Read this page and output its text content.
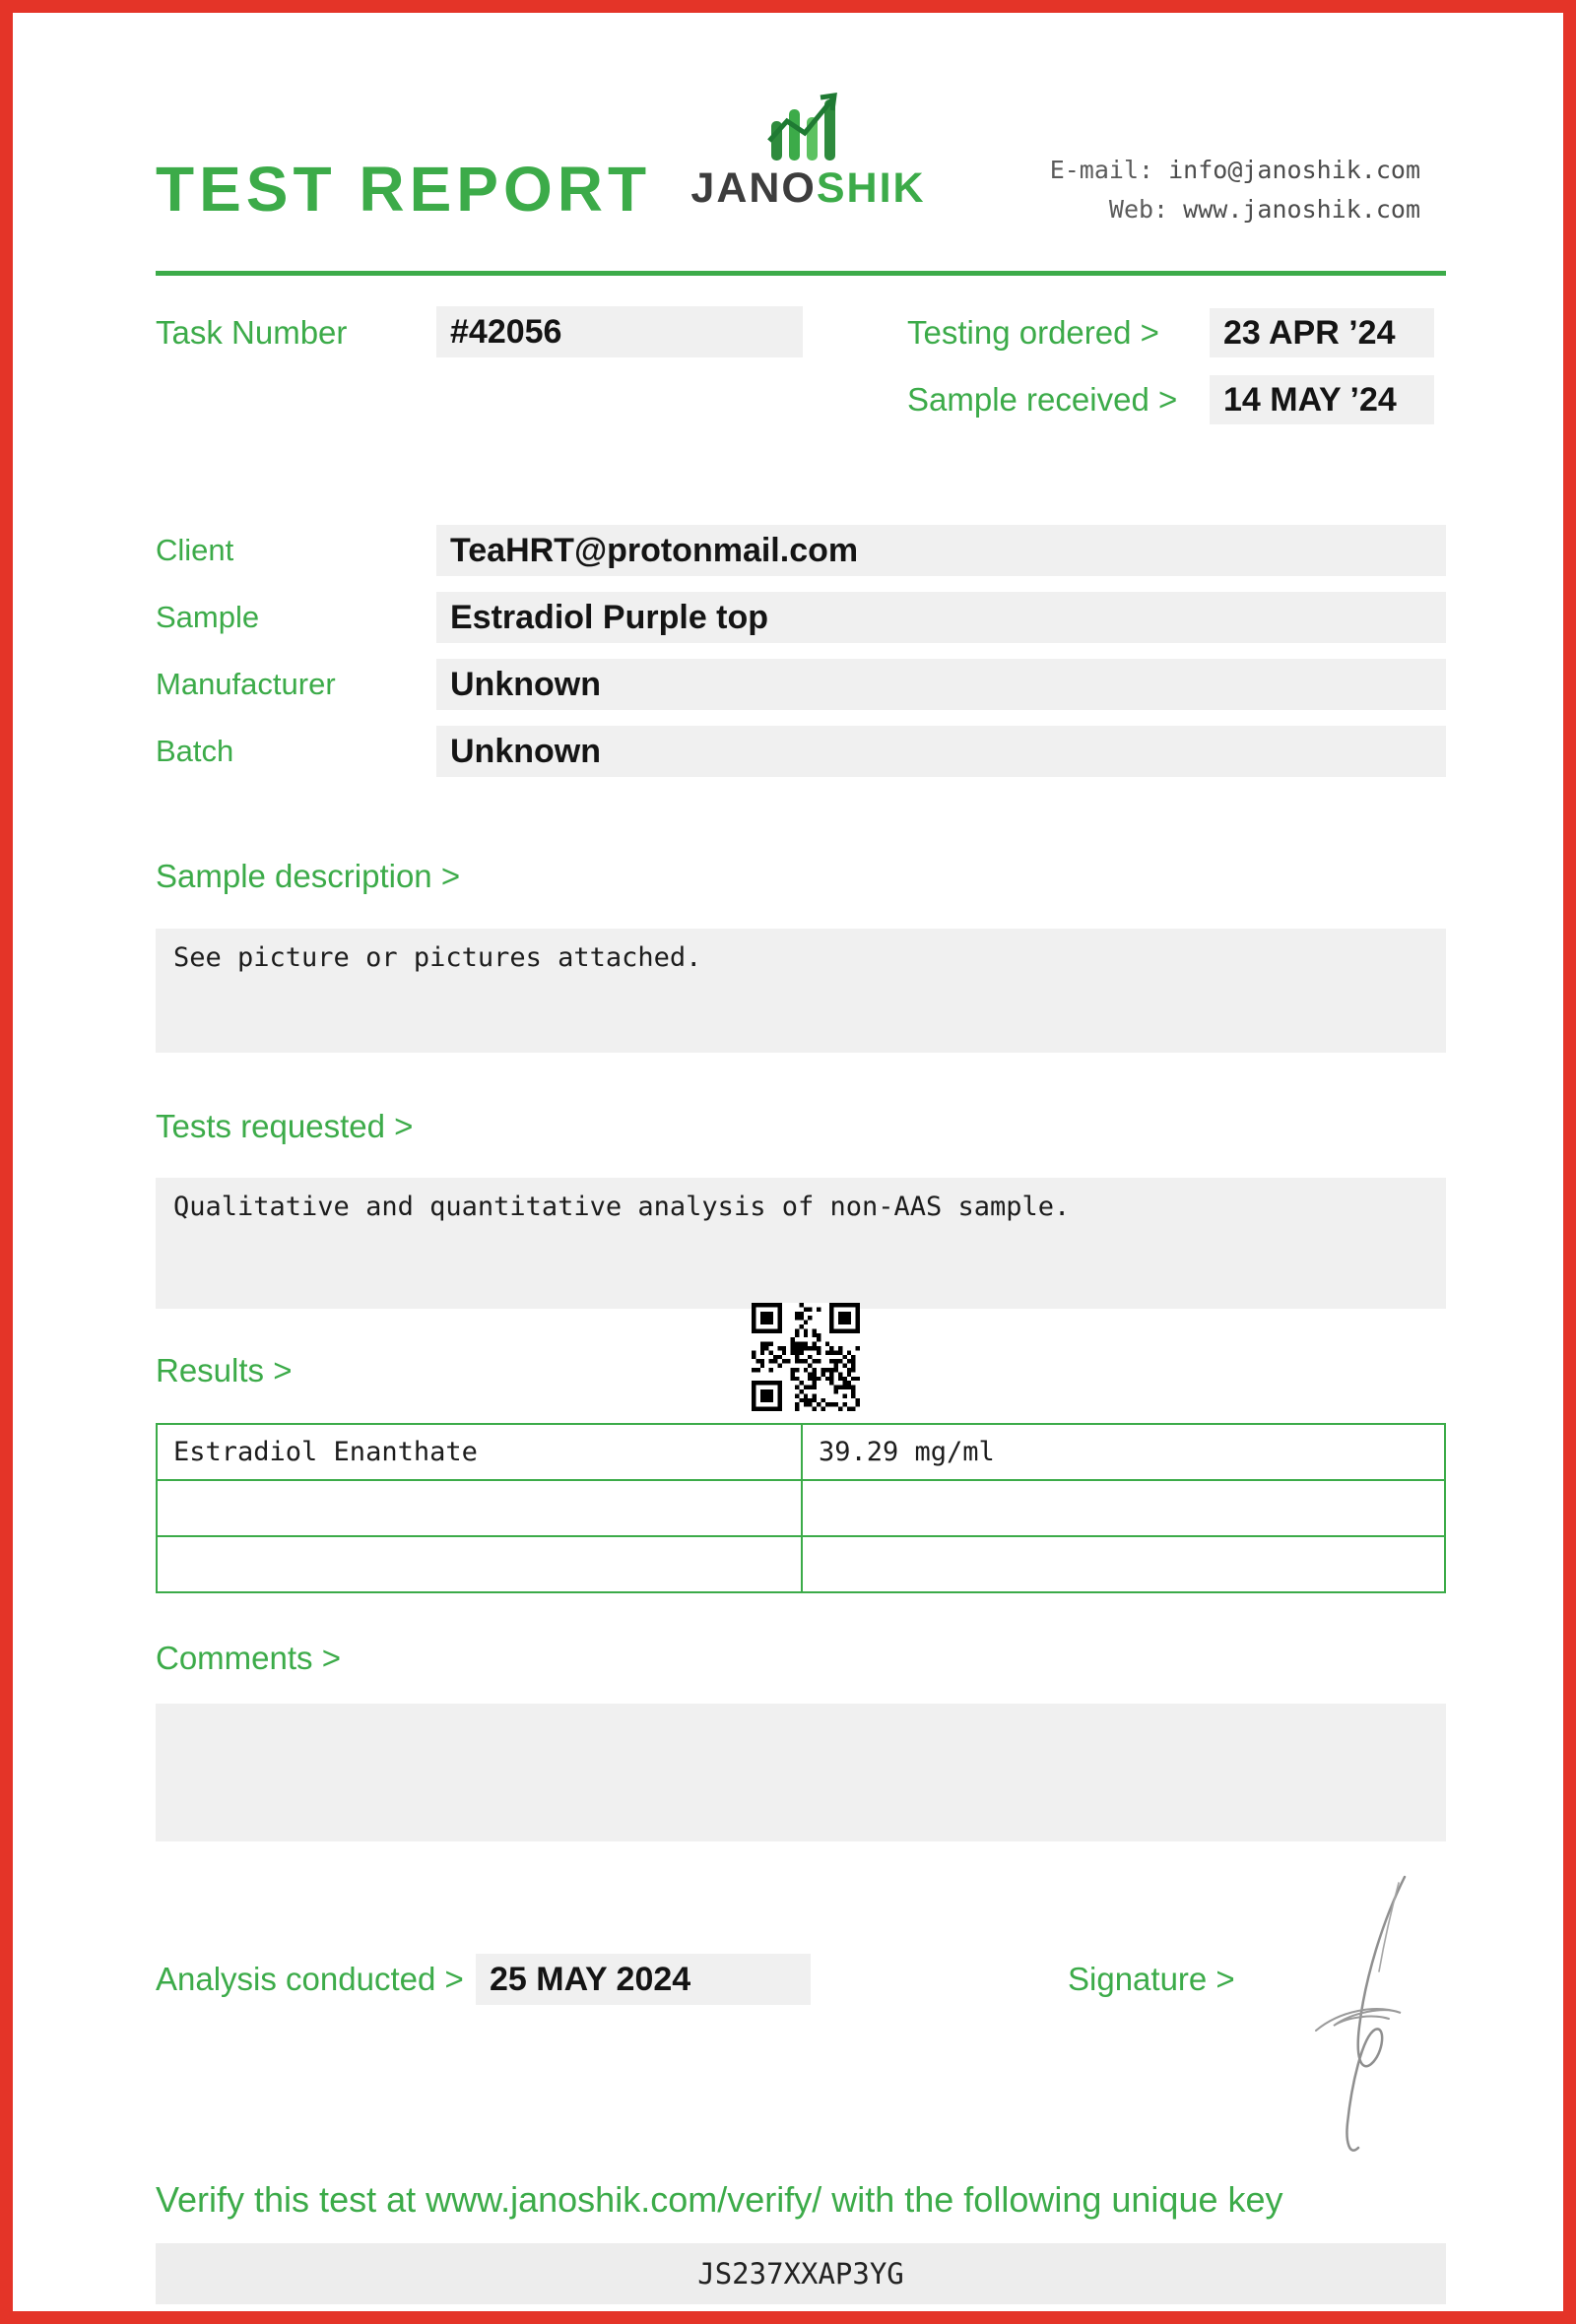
TEST REPORT JANOSHIK	E-mail: info@janoshik.com
Web: www.janoshik.com
Task Number	#42056	Testing ordered >	23 APR ’24
Sample received >	14 MAY ’24
Client	TeaHRT@protonmail.com
Sample	Estradiol Purple top
Manufacturer	Unknown
Batch	Unknown
Sample description >
See picture or pictures attached.
Tests requested >
Qualitative and quantitative analysis of non-AAS sample.
Results >
Estradiol Enanthate	39.29 mg/ml

Comments >
Analysis conducted > 25 MAY 2024	Signature >
Verify this test at www.janoshik.com/verify/ with the following unique key
JS237XXAP3YG
